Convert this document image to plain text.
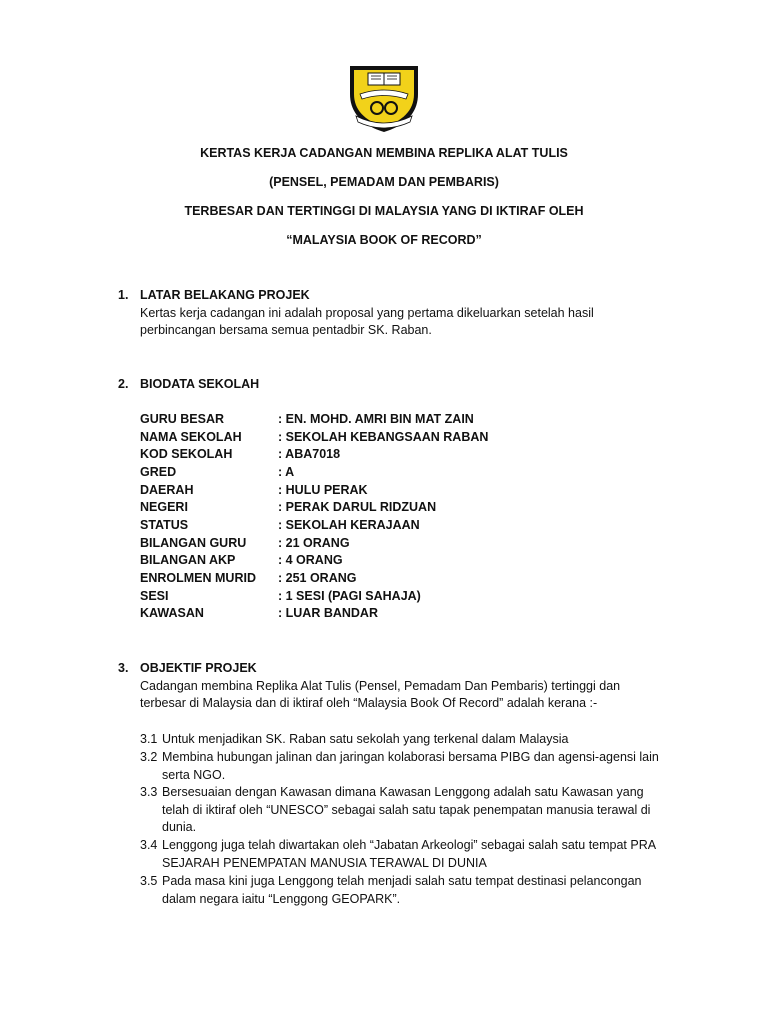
KERTAS KERJA CADANGAN MEMBINA REPLIKA ALAT TULIS
(PENSEL, PEMADAM DAN PEMBARIS)
TERBESAR DAN TERTINGGI DI MALAYSIA YANG DI IKTIRAF OLEH
“MALAYSIA BOOK OF RECORD”
1. LATAR BELAKANG PROJEK
Kertas kerja cadangan ini adalah proposal yang pertama dikeluarkan setelah hasil
perbincangan bersama semua pentadbir SK. Raban.
2. BIODATA SEKOLAH
GURU BESAR	: EN. MOHD. AMRI BIN MAT ZAIN
NAMA SEKOLAH	: SEKOLAH KEBANGSAAN RABAN
KOD SEKOLAH	: ABA7018
GRED	: A
DAERAH	: HULU PERAK
NEGERI	: PERAK DARUL RIDZUAN
STATUS	: SEKOLAH KERAJAAN
BILANGAN GURU	: 21 ORANG
BILANGAN AKP	: 4 ORANG
ENROLMEN MURID : 251 ORANG
SESI	: 1 SESI (PAGI SAHAJA)
KAWASAN	: LUAR BANDAR
3. OBJEKTIF PROJEK
Cadangan membina Replika Alat Tulis (Pensel, Pemadam Dan Pembaris) tertinggi dan
terbesar di Malaysia dan di iktiraf oleh “Malaysia Book Of Record” adalah kerana :-
3.1 Untuk menjadikan SK. Raban satu sekolah yang terkenal dalam Malaysia
3.2 Membina hubungan jalinan dan jaringan kolaborasi bersama PIBG dan agensi-agensi lain
serta NGO.
3.3 Bersesuaian dengan Kawasan dimana Kawasan Lenggong adalah satu Kawasan yang
telah di iktiraf oleh “UNESCO” sebagai salah satu tapak penempatan manusia terawal di
dunia.
3.4 Lenggong juga telah diwartakan oleh “Jabatan Arkeologi” sebagai salah satu tempat PRA
SEJARAH PENEMPATAN MANUSIA TERAWAL DI DUNIA
3.5 Pada masa kini juga Lenggong telah menjadi salah satu tempat destinasi pelancongan
dalam negara iaitu “Lenggong GEOPARK”.
